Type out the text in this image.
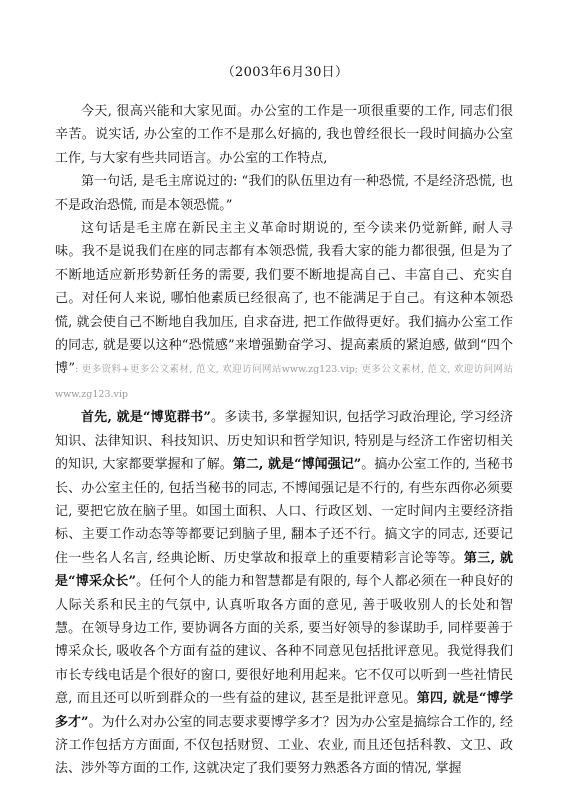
（2003年6月30日）

今天, 很高兴能和大家见面。办公室的工作是一项很重要的工作, 同志们很辛苦。说实话, 办公室的工作不是那么好搞的, 我也曾经很长一段时间搞办公室工作, 与大家有些共同语言。办公室的工作特点,

第一句话, 是毛主席说过的: “我们的队伍里边有一种恐慌, 不是经济恐慌, 也不是政治恐慌, 而是本领恐慌。”

这句话是毛主席在新民主主义革命时期说的, 至今读来仍觉新鲜, 耐人寻味。我不是说我们在座的同志都有本领恐慌, 我看大家的能力都很强, 但是为了不断地适应新形势新任务的需要, 我们要不断地提高自己、丰富自己、充实自己。对任何人来说, 哪怕他素质已经很高了, 也不能满足于自己。有这种本领恐慌, 就会使自己不断地自我加压, 自求奋进, 把工作做得更好。我们搞办公室工作的同志, 就是要以这种“恐慌感”来增强勤奋学习、提高素质的紧迫感, 做到“四个博”: 更多资料+更多公文素材, 范文, 欢迎访问网站www.zg123.vip; 更多公文素材, 范文, 欢迎访问网站www.zg123.vip

首先, 就是“博览群书”。多读书, 多掌握知识, 包括学习政治理论, 学习经济知识、法律知识、科技知识、历史知识和哲学知识, 特别是与经济工作密切相关的知识, 大家都要掌握和了解。第二, 就是“博闻强记”。搞办公室工作的, 当秘书长、办公室主任的, 包括当秘书的同志, 不博闻强记是不行的, 有些东西你必须要记, 要把它放在脑子里。如国土面积、人口、行政区划、一定时间内主要经济指标、主要工作动态等等都要记到脑子里, 翻本子还不行。搞文字的同志, 还要记住一些名人名言, 经典论断、历史掌故和报章上的重要精彩言论等等。第三, 就是“博采众长”。任何个人的能力和智慧都是有限的, 每个人都必须在一种良好的人际关系和民主的气氛中, 认真听取各方面的意见, 善于吸收别人的长处和智慧。在领导身边工作, 要协调各方面的关系, 要当好领导的参谋助手, 同样要善于博采众长, 吸收各个方面有益的建议、各种不同意见包括批评意见。我觉得我们市长专线电话是个很好的窗口, 要很好地利用起来。它不仅可以听到一些社情民意, 而且还可以听到群众的一些有益的建议, 甚至是批评意见。第四, 就是“博学多才”。为什么对办公室的同志要求要博学多才？因为办公室是搞综合工作的, 经济工作包括方方面面, 不仅包括财贸、工业、农业, 而且还包括科教、文卫、政法、涉外等方面的工作, 这就决定了我们要努力熟悉各方面的情况, 掌握
